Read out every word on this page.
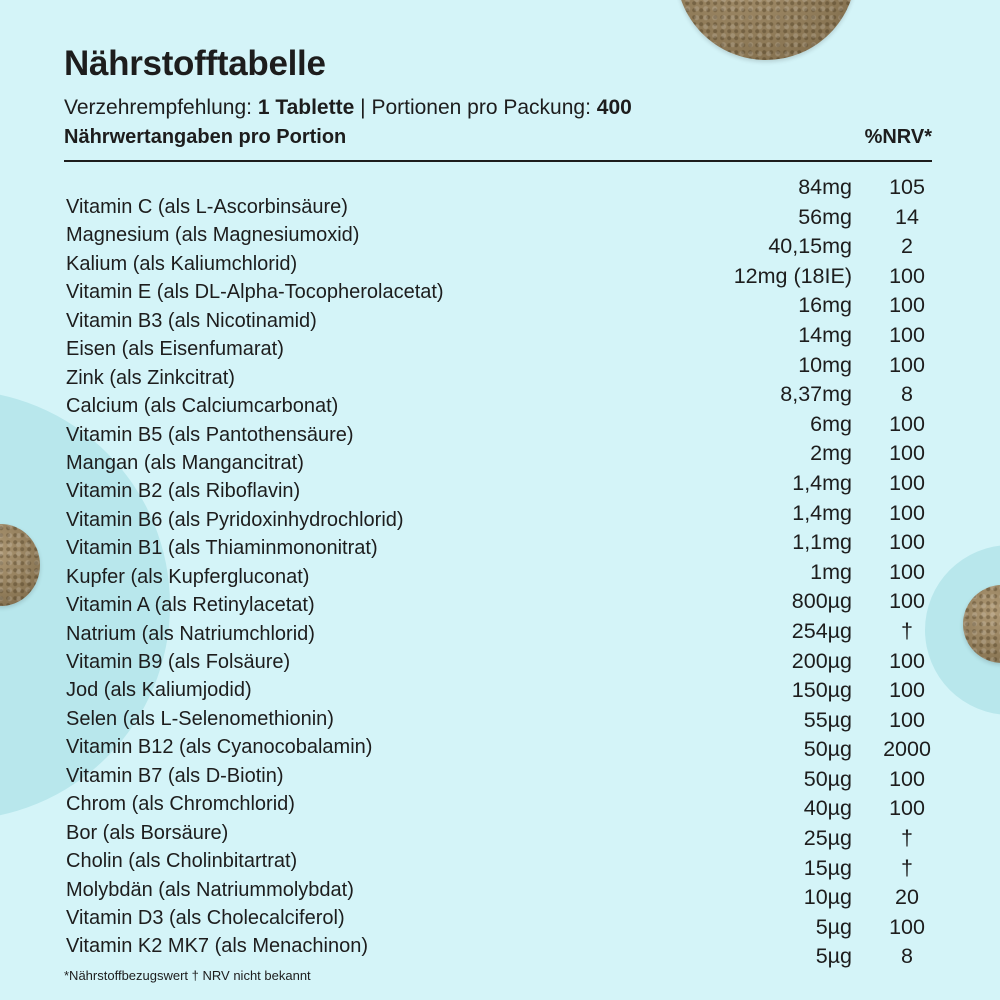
Nährstofftabelle
Verzehrempfehlung: 1 Tablette | Portionen pro Packung: 400
Nährwertangaben pro Portion	%NRV*
Vitamin C (als L-Ascorbinsäure)
Magnesium (als Magnesiumoxid)
Kalium (als Kaliumchlorid)
Vitamin E (als DL-Alpha-Tocopherolacetat)
Vitamin B3 (als Nicotinamid)
Eisen (als Eisenfumarat)
Zink (als Zinkcitrat)
Calcium (als Calciumcarbonat)
Vitamin B5 (als Pantothensäure)
Mangan (als Mangancitrat)
Vitamin B2 (als Riboflavin)
Vitamin B6 (als Pyridoxinhydrochlorid)
Vitamin B1 (als Thiaminmononitrat)
Kupfer (als Kupfergluconat)
Vitamin A (als Retinylacetat)
Natrium (als Natriumchlorid)
Vitamin B9 (als Folsäure)
Jod (als Kaliumjodid)
Selen (als L-Selenomethionin)
Vitamin B12 (als Cyanocobalamin)
Vitamin B7 (als D-Biotin)
Chrom (als Chromchlorid)
Bor (als Borsäure)
Cholin (als Cholinbitartrat)
Molybdän (als Natriummolybdat)
Vitamin D3 (als Cholecalciferol)
Vitamin K2 MK7 (als Menachinon)
84mg
56mg
40,15mg
12mg (18IE)
16mg
14mg
10mg
8,37mg
6mg
2mg
1,4mg
1,4mg
1,1mg
1mg
800µg
254µg
200µg
150µg
55µg
50µg
50µg
40µg
25µg
15µg
10µg
5µg
5µg
105
14
2
100
100
100
100
8
100
100
100
100
100
100
100
†
100
100
100
2000
100
100
†
†
20
100
8
*Nährstoffbezugswert † NRV nicht bekannt
